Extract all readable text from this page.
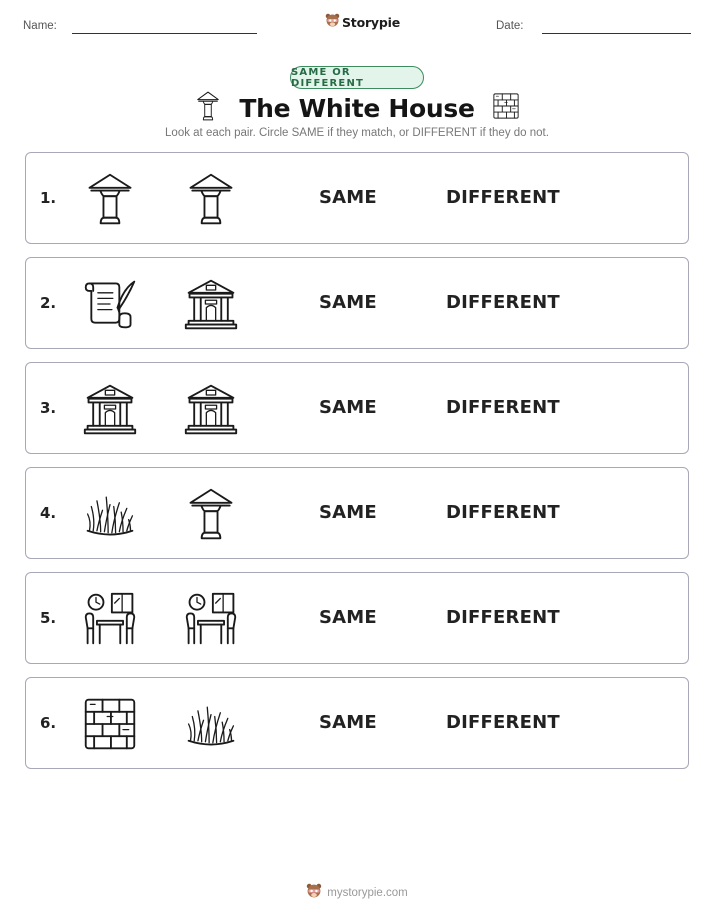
Name:	Storypie	Date:
SAME OR DIFFERENT
The White House
Look at each pair. Circle SAME if they match, or DIFFERENT if they do not.
1.	SAME	DIFFERENT
2.	SAME	DIFFERENT
3.	SAME	DIFFERENT
4.	SAME	DIFFERENT
5.	SAME	DIFFERENT
6.	SAME	DIFFERENT
mystorypie.com
